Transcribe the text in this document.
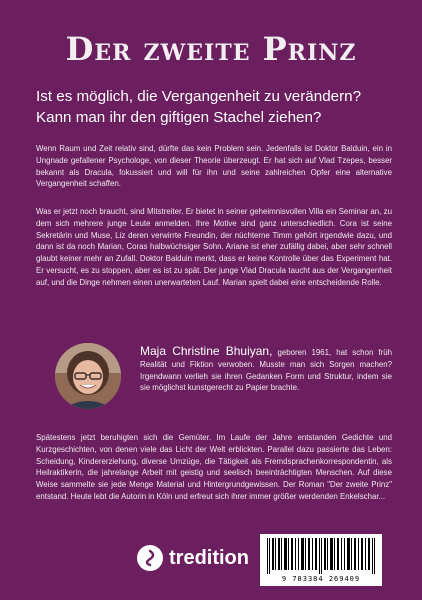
Der zweite Prinz
Ist es möglich, die Vergangenheit zu verändern?
Kann man ihr den giftigen Stachel ziehen?
Wenn Raum und Zeit relativ sind, dürfte das kein Problem sein. Jedenfalls ist Doktor Balduin, ein in Ungnade gefallener Psychologe, von dieser Theorie überzeugt. Er hat sich auf Vlad Tzepes, besser bekannt als Dracula, fokussiert und will für ihn und seine zahlreichen Opfer eine alternative Vergangenheit schaffen.
Was er jetzt noch braucht, sind Mitstreiter. Er bietet in seiner geheimnisvollen Villa ein Seminar an, zu dem sich mehrere junge Leute anmelden. Ihre Motive sind ganz unterschiedlich. Cora ist seine Sekretärin und Muse, Liz deren verwirrte Freundin, der nüchterne Timm gehört irgendwie dazu, und dann ist da noch Marian, Coras halbwüchsiger Sohn. Ariane ist eher zufällig dabei, aber sehr schnell glaubt keiner mehr an Zufall. Doktor Balduin merkt, dass er keine Kontrolle über das Experiment hat. Er versucht, es zu stoppen, aber es ist zu spät. Der junge Vlad Dracula taucht aus der Vergangenheit auf, und die Dinge nehmen einen unerwarteten Lauf. Marian spielt dabei eine entscheidende Rolle.
Maja Christine Bhuiyan, geboren 1961, hat schon früh Realität und Fiktion verwoben. Musste man sich Sorgen machen? Irgendwann verlieh sie ihren Gedanken Form und Struktur, indem sie sie möglichst kunstgerecht zu Papier brachte.
Spätestens jetzt beruhigten sich die Gemüter. Im Laufe der Jahre entstanden Gedichte und Kurzgeschichten, von denen viele das Licht der Welt erblickten. Parallel dazu passierte das Leben: Scheidung, Kindererziehung, diverse Umzüge, die Tätigkeit als Fremdsprachenkorrespondentin, als Heilraktikerin, die jahrelange Arbeit mit geistig und seelisch beeinträchtigten Menschen. Auf diese Weise sammelte sie jede Menge Material und Hintergrundgewissen. Der Roman "Der zweite Prinz" entstand. Heute lebt die Autorin in Köln und erfreut sich ihrer immer größer werdenden Enkelschar...
tredition
9 783384 269409
